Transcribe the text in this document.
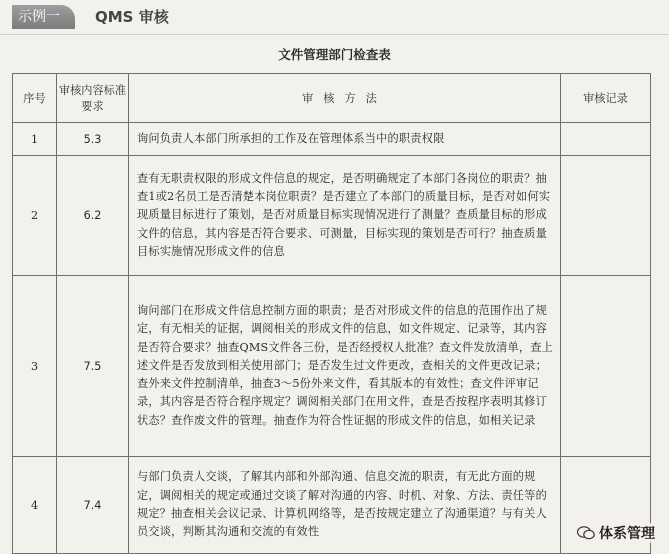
示例一	QMS 审核
文件管理部门检查表
序号	审核内容标准要求	审核方法	审核记录
1	5.3	询问负责人本部门所承担的工作及在管理体系当中的职责权限	
2	6.2	查有无职责权限的形成文件信息的规定，是否明确规定了本部门各岗位的职责？抽查1或2名员工是否清楚本岗位职责？是否建立了本部门的质量目标，是否对如何实现质量目标进行了策划，是否对质量目标实现情况进行了测量？查质量目标的形成文件的信息，其内容是否符合要求、可测量，目标实现的策划是否可行？抽查质量目标实施情况形成文件的信息	
3	7.5	询问部门在形成文件信息控制方面的职责；是否对形成文件的信息的范围作出了规定，有无相关的证据，调阅相关的形成文件的信息，如文件规定、记录等，其内容是否符合要求？抽查QMS文件各三份，是否经授权人批准？查文件发放清单，查上述文件是否发放到相关使用部门；是否发生过文件更改，查相关的文件更改记录；查外来文件控制清单，抽查3～5份外来文件，看其版本的有效性；查文件评审记录，其内容是否符合程序规定？调阅相关部门在用文件，查是否按程序表明其修订状态？查作废文件的管理。抽查作为符合性证据的形成文件的信息，如相关记录	
4	7.4	与部门负责人交谈，了解其内部和外部沟通、信息交流的职责，有无此方面的规定，调阅相关的规定或通过交谈了解对沟通的内容、时机、对象、方法、责任等的规定？抽查相关会议记录、计算机网络等，是否按规定建立了沟通渠道？与有关人员交谈，判断其沟通和交流的有效性		体系管理
